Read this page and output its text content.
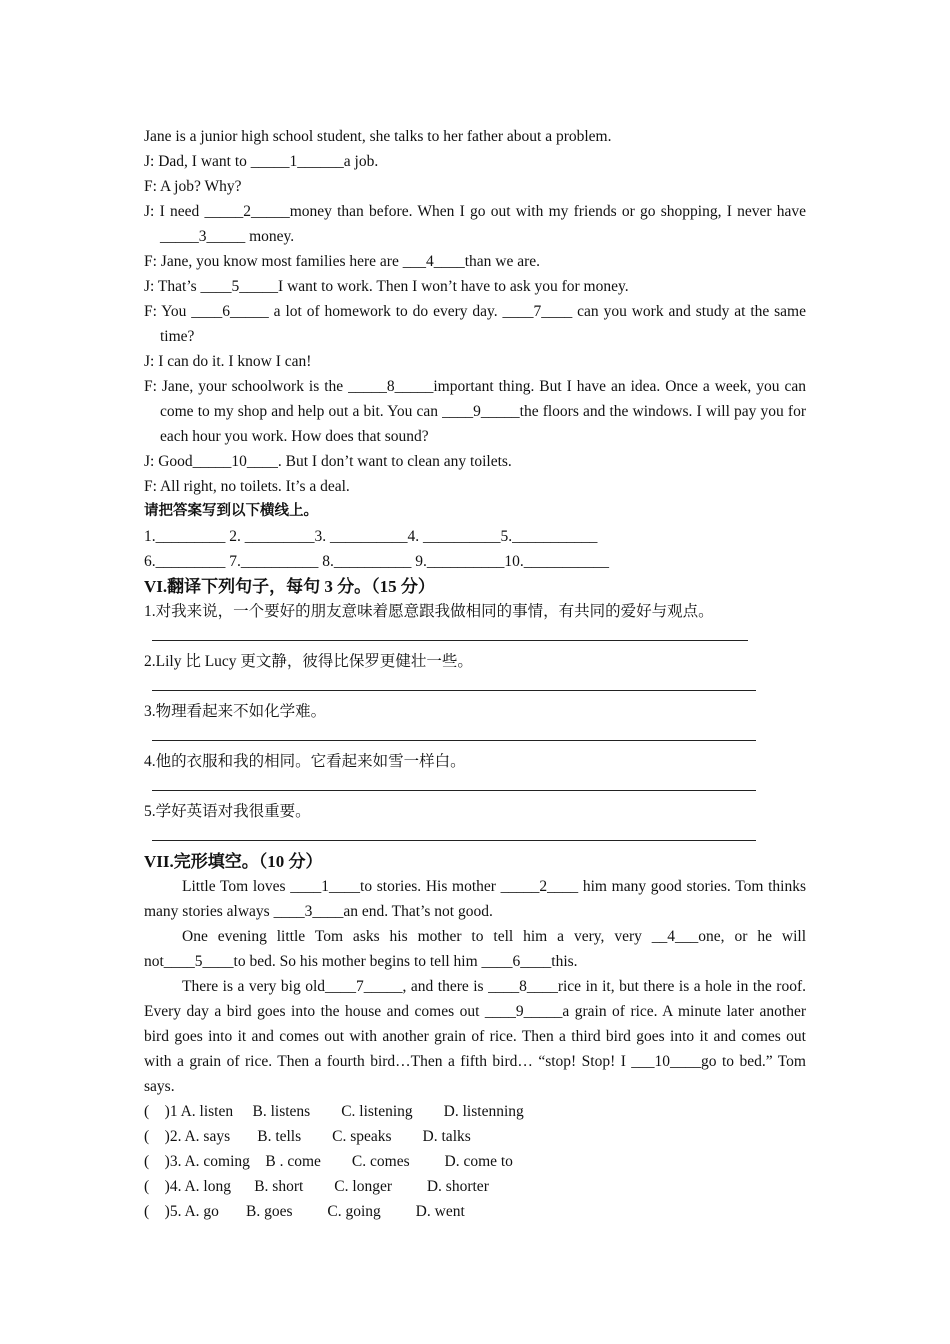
Jane is a junior high school student, she talks to her father about a problem.

J: Dad, I want to _____1______a job.

F: A job? Why?

J: I need _____2_____money than before. When I go out with my friends or go shopping, I never have _____3_____ money.

F: Jane, you know most families here are ___4____than we are.

J: That’s ____5_____I want to work. Then I won’t have to ask you for money.

F: You ____6_____ a lot of homework to do every day. ____7____ can you work and study at the same time?

J: I can do it. I know I can!

F: Jane, your schoolwork is the _____8_____important thing. But I have an idea. Once a week, you can come to my shop and help out a bit. You can ____9_____the floors and the windows. I will pay you for each hour you work. How does that sound?

J: Good_____10____. But I don’t want to clean any toilets.

F: All right, no toilets. It’s a deal.

请把答案写到以下横线上。

1._________ 2. _________3. __________4. __________5.___________
6._________ 7.__________ 8.__________ 9.__________10.___________

VI.翻译下列句子，每句 3 分。（15 分）

1.对我来说，一个要好的朋友意味着愿意跟我做相同的事情，有共同的爱好与观点。

2.Lily 比 Lucy 更文静，彼得比保罗更健壮一些。

3.物理看起来不如化学难。

4.他的衣服和我的相同。它看起来如雪一样白。

5.学好英语对我很重要。

VII.完形填空。（10 分）

Little Tom loves ____1____to stories. His mother _____2____ him many good stories. Tom thinks many stories always ____3____an end. That’s not good.

One evening little Tom asks his mother to tell him a very, very __4___one, or he will not____5____to bed. So his mother begins to tell him ____6____this.

There is a very big old____7_____, and there is ____8____rice in it, but there is a hole in the roof. Every day a bird goes into the house and comes out ____9_____a grain of rice. A minute later another bird goes into it and comes out with another grain of rice. Then a third bird goes into it and comes out with a grain of rice. Then a fourth bird…Then a fifth bird… “stop! Stop! I ___10____go to bed.” Tom says.

(    )1 A. listen     B. listens        C. listening        D. listenning
(    )2. A. says       B. tells        C. speaks        D. talks
(    )3. A. coming    B . come        C. comes         D. come to
(    )4. A. long      B. short        C. longer         D. shorter
(    )5. A. go       B. goes         C. going         D. went
